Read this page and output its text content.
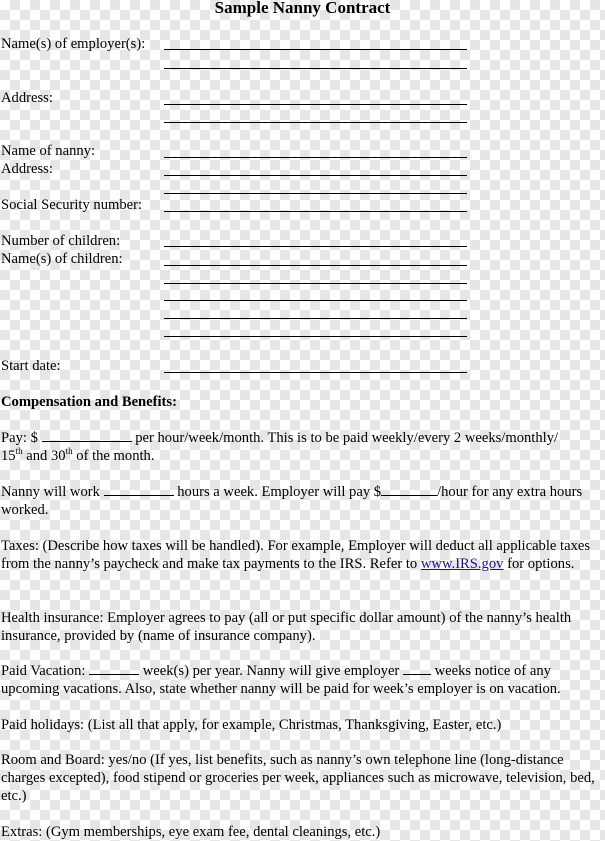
Sample Nanny Contract
Name(s) of employer(s):
Address:
Name of nanny:
Address:
Social Security number:
Number of children:
Name(s) of children:
Start date:
Compensation and Benefits:
Pay: $	per hour/week/month. This is to be paid weekly/every 2 weeks/monthly/
15th and 30th of the month.
Nanny will work	hours a week. Employer will pay $	/hour for any extra hours worked.
Taxes: (Describe how taxes will be handled). For example, Employer will deduct all applicable taxes from the nanny’s paycheck and make tax payments to the IRS. Refer to www.IRS.gov for options.
Health insurance: Employer agrees to pay (all or put specific dollar amount) of the nanny’s health insurance, provided by (name of insurance company).
Paid Vacation:	week(s) per year. Nanny will give employer weeks notice of any upcoming vacations. Also, state whether nanny will be paid for week’s employer is on vacation.
Paid holidays: (List all that apply, for example, Christmas, Thanksgiving, Easter, etc.)
Room and Board: yes/no (If yes, list benefits, such as nanny’s own telephone line (long-distance charges excepted), food stipend or groceries per week, appliances such as microwave, television, bed, etc.)
Extras: (Gym memberships, eye exam fee, dental cleanings, etc.)
